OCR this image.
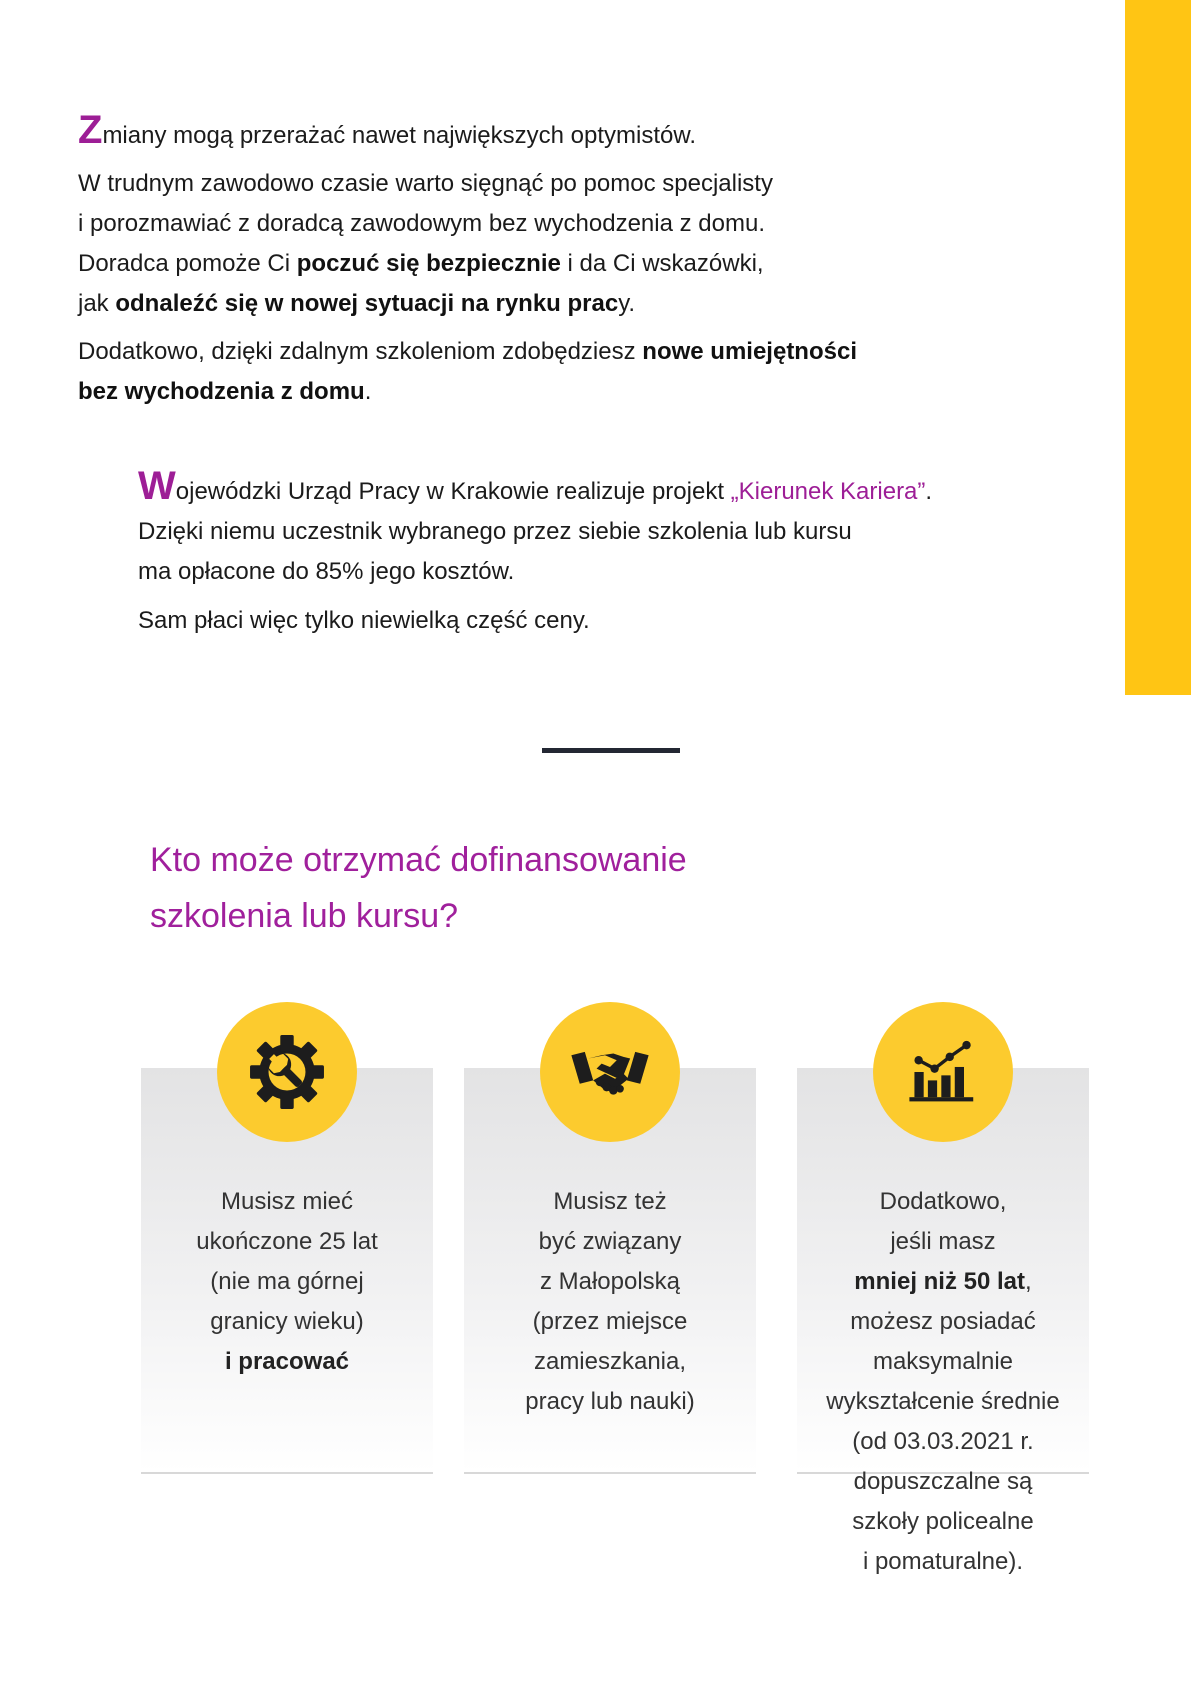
Zmiany mogą przerażać nawet największych optymistów.

W trudnym zawodowo czasie warto sięgnąć po pomoc specjalisty
i porozmawiać z doradcą zawodowym bez wychodzenia z domu.
Doradca pomoże Ci poczuć się bezpiecznie i da Ci wskazówki,
jak odnaleźć się w nowej sytuacji na rynku pracy.

Dodatkowo, dzięki zdalnym szkoleniom zdobędziesz nowe umiejętności
bez wychodzenia z domu.

Wojewódzki Urząd Pracy w Krakowie realizuje projekt „Kierunek Kariera”.
Dzięki niemu uczestnik wybranego przez siebie szkolenia lub kursu
ma opłacone do 85% jego kosztów.

Sam płaci więc tylko niewielką część ceny.

Kto może otrzymać dofinansowanie
szkolenia lub kursu?

Musisz mieć
ukończone 25 lat
(nie ma górnej
granicy wieku)
i pracować

Musisz też
być związany
z Małopolską
(przez miejsce
zamieszkania,
pracy lub nauki)

Dodatkowo,
jeśli masz
mniej niż 50 lat,
możesz posiadać
maksymalnie
wykształcenie średnie
(od 03.03.2021 r.
dopuszczalne są
szkoły policealne
i pomaturalne).
